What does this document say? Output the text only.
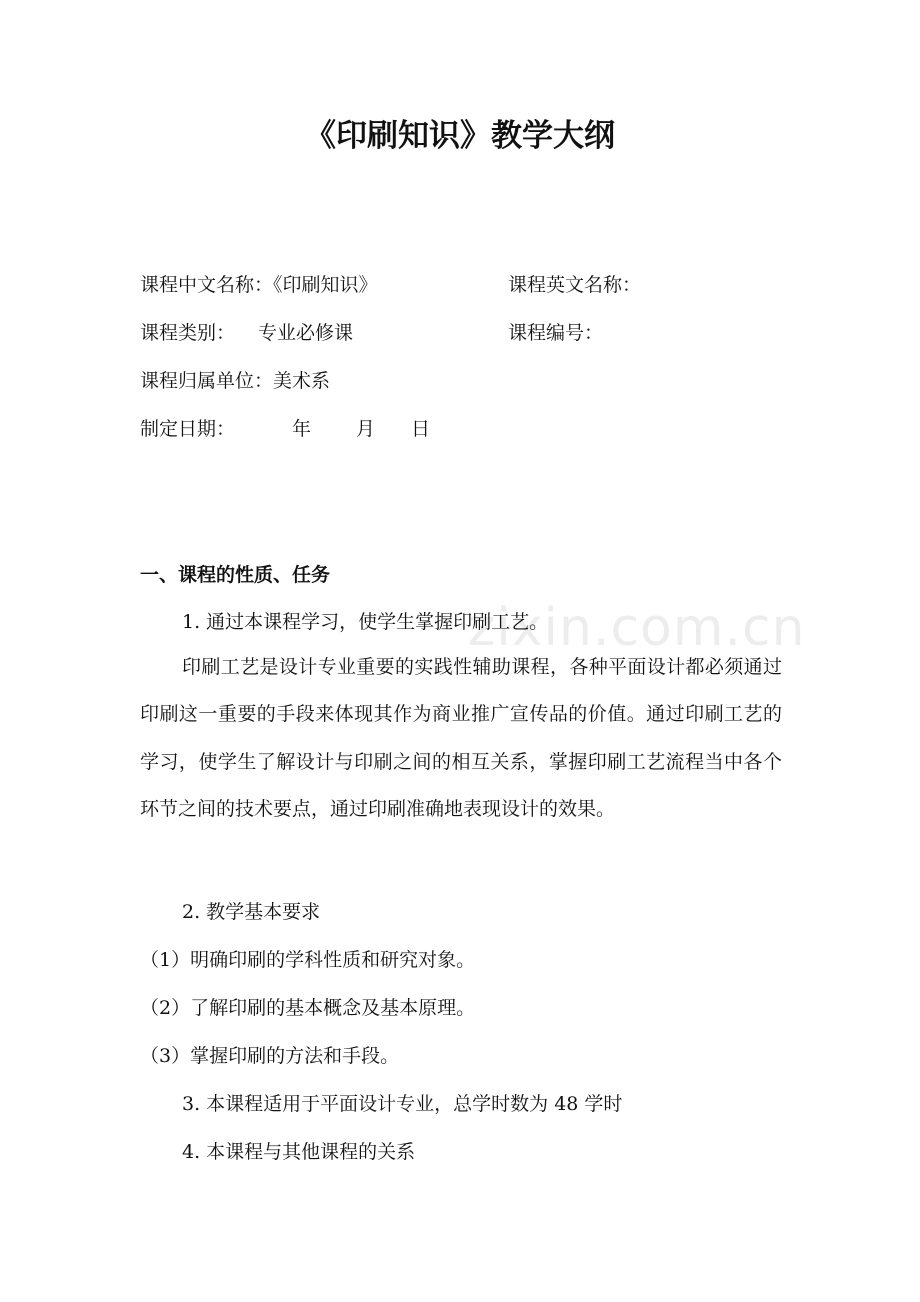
《印刷知识》教学大纲
课程中文名称：《印刷知识》	课程英文名称：
课程类别： 专业必修课	课程编号：
课程归属单位：美术系
制定日期：	年 月 日
一、课程的性质、任务
zixin.com.cn
1. 通过本课程学习，使学生掌握印刷工艺。

印刷工艺是设计专业重要的实践性辅助课程，各种平面设计都必须通过印刷这一重要的手段来体现其作为商业推广宣传品的价值。通过印刷工艺的学习，使学生了解设计与印刷之间的相互关系，掌握印刷工艺流程当中各个环节之间的技术要点，通过印刷准确地表现设计的效果。

2. 教学基本要求
（1）明确印刷的学科性质和研究对象。
（2）了解印刷的基本概念及基本原理。
（3）掌握印刷的方法和手段。
3. 本课程适用于平面设计专业，总学时数为 48 学时
4. 本课程与其他课程的关系
